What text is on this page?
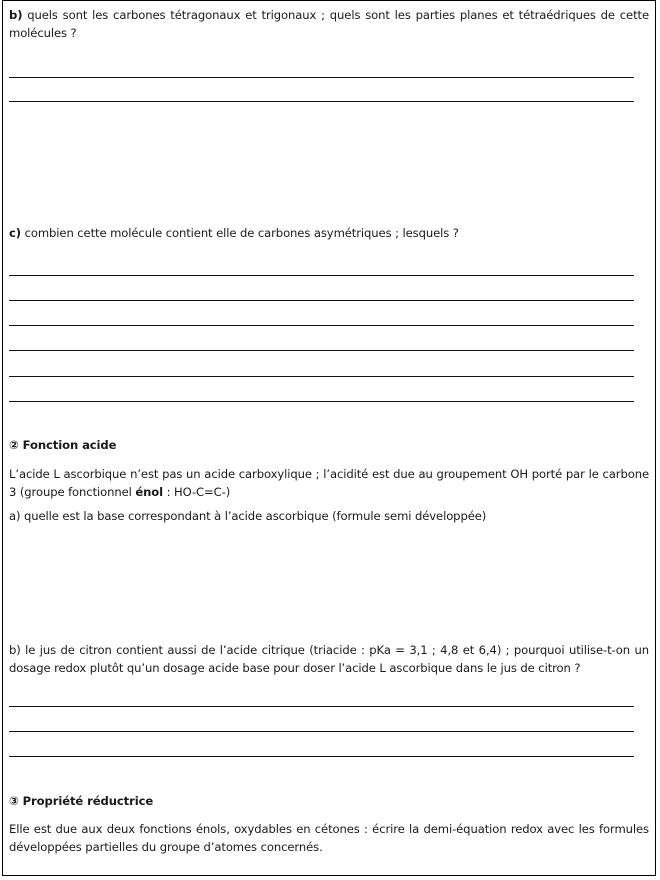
b) quels sont les carbones tétragonaux et trigonaux ; quels sont les parties planes et tétraédriques de cette molécules ?
c) combien cette molécule contient elle de carbones asymétriques ; lesquels ?
② Fonction acide
L’acide L ascorbique n’est pas un acide carboxylique ; l’acidité est due au groupement OH porté par le carbone 3 (groupe fonctionnel énol : HO-C=C-)
a) quelle est la base correspondant à l’acide ascorbique (formule semi développée)
b) le jus de citron contient aussi de l’acide citrique (triacide : pKa = 3,1 ; 4,8 et 6,4) ; pourquoi utilise-t-on un dosage redox plutôt qu’un dosage acide base pour doser l’acide L ascorbique dans le jus de citron ?
③ Propriété réductrice
Elle est due aux deux fonctions énols, oxydables en cétones : écrire la demi-équation redox avec les formules développées partielles du groupe d’atomes concernés.
